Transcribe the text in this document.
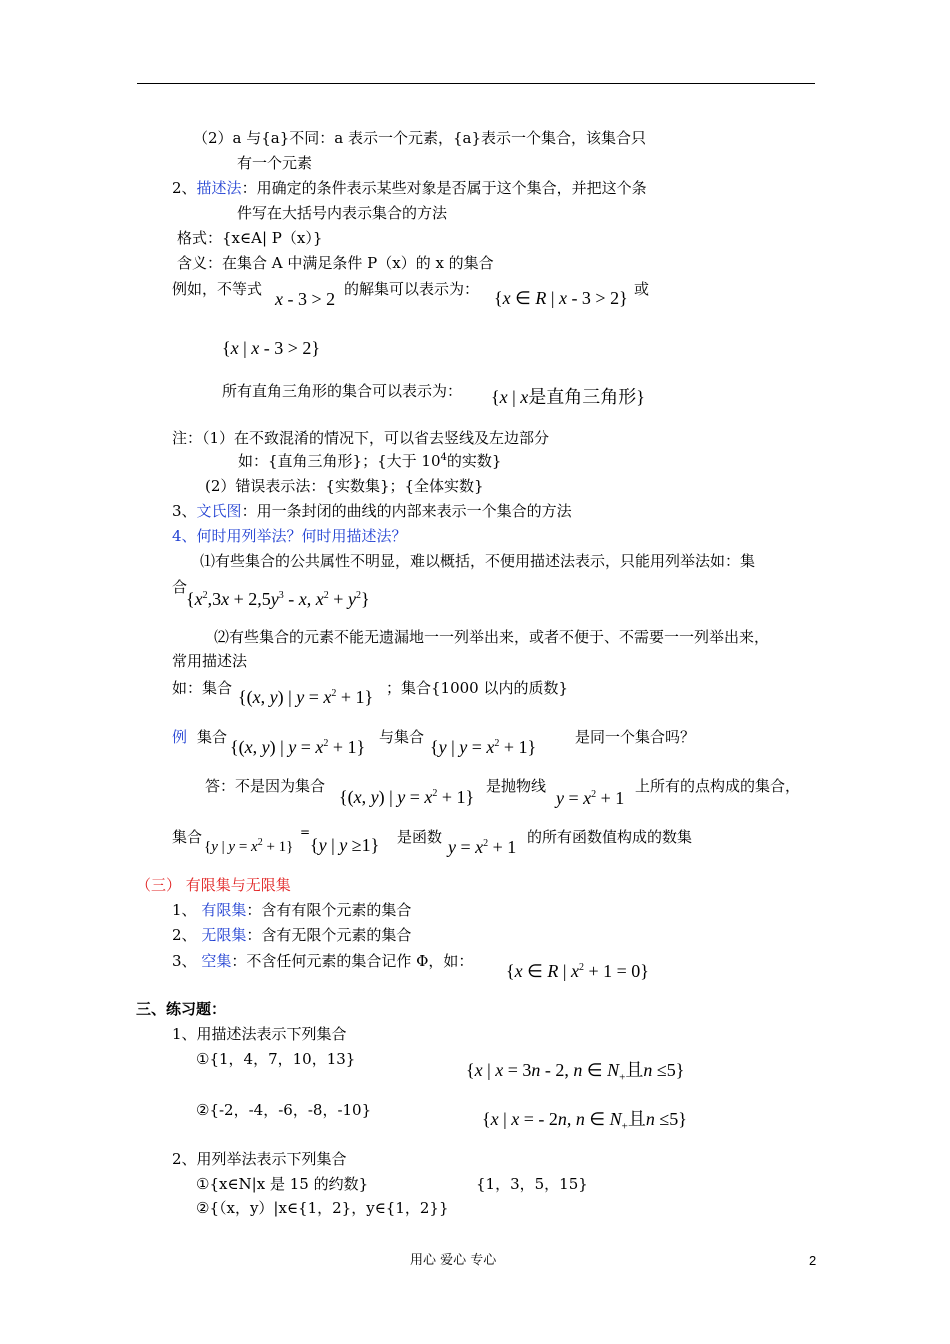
（2）a 与{a}不同：a 表示一个元素，{a}表示一个集合，该集合只
有一个元素
2、描述法：用确定的条件表示某些对象是否属于这个集合，并把这个条
件写在大括号内表示集合的方法
格式：{x∈A| P（x）}
含义：在集合 A 中满足条件 P（x）的 x 的集合
例如，不等式 x - 3 > 2 的解集可以表示为： {x ∈ R | x - 3 > 2} 或
{x | x - 3 > 2}
所有直角三角形的集合可以表示为： {x | x是直角三角形}
注：（1）在不致混淆的情况下，可以省去竖线及左边部分
如：{直角三角形}；{大于 $10^4$的实数}
(2）错误表示法：{实数集}；{全体实数}
3、文氏图：用一条封闭的曲线的内部来表示一个集合的方法
4、何时用列举法？何时用描述法？
⑴有些集合的公共属性不明显，难以概括，不便用描述法表示，只能用列举法如：集
合
{$x^2,3x + 2,5y^3 - x$, $x^2 + y^2$}
⑵有些集合的元素不能无遗漏地一一列举出来，或者不便于、不需要一一列举出来，
常用描述法
如：集合 {(x, y) | $y = x^2 + 1$} ；集合{1000 以内的质数}
例 集合 {(x, y) | $y = x^2 + 1$} 与集合 {y | $y = x^2 + 1$}	是同一个集合吗？
答：不是因为集合
{(x, y) | $y = x^2 + 1$}
是抛物线
$y = x^2 + 1$
上所有的点构成的集合，
集合
{y | $y = x^2 + 1$}
=
{y | y ≥1} 是函数 $y = x^2 + 1$ 的所有函数值构成的数集
（三） 有限集与无限集
1、 有限集：含有有限个元素的集合
2、 无限集：含有无限个元素的集合
3、 空集：不含任何元素的集合记作 Φ，如： {x ∈ R | $x^2 + 1 = 0$}
三、练习题：
1、用描述法表示下列集合
①{1，4，7，10，13}
{x | x = 3n - 2, n ∈ $N_+$且n ≤5}
②{-2，-4，-6，-8，-10}	{x | x = - 2n, n ∈ $N_+$且n ≤5}
2、用列举法表示下列集合
①{x∈N|x 是 15 的约数}	{1，3，5，15}
②{（x，y）|x∈{1，2}，y∈{1，2}}
用心 爱心 专心	2
